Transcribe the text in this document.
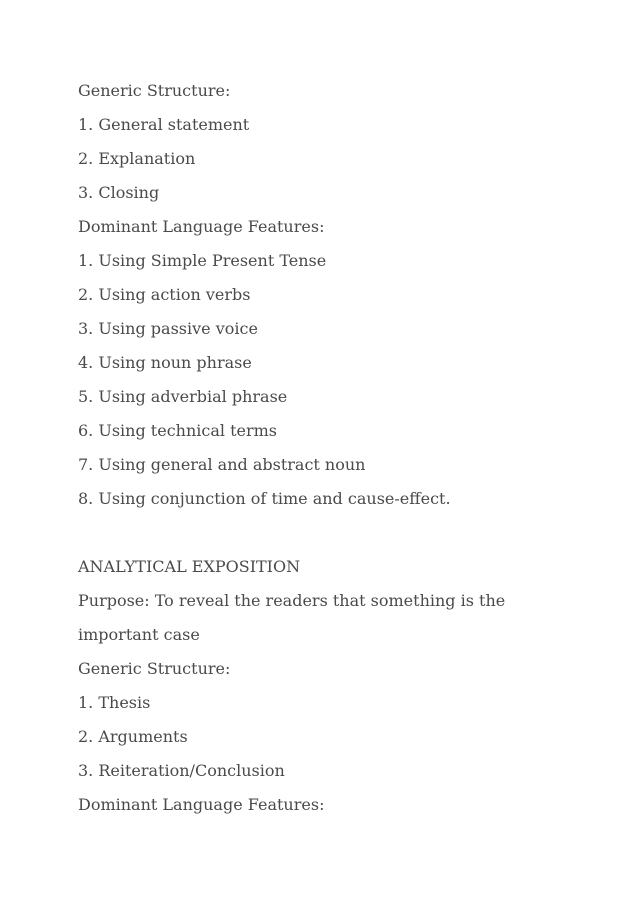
Generic Structure:
1. General statement
2. Explanation
3. Closing
Dominant Language Features:
1. Using Simple Present Tense
2. Using action verbs
3. Using passive voice
4. Using noun phrase
5. Using adverbial phrase
6. Using technical terms
7. Using general and abstract noun
8. Using conjunction of time and cause-effect.
ANALYTICAL EXPOSITION
Purpose: To reveal the readers that something is the
important case
Generic Structure:
1. Thesis
2. Arguments
3. Reiteration/Conclusion
Dominant Language Features:
